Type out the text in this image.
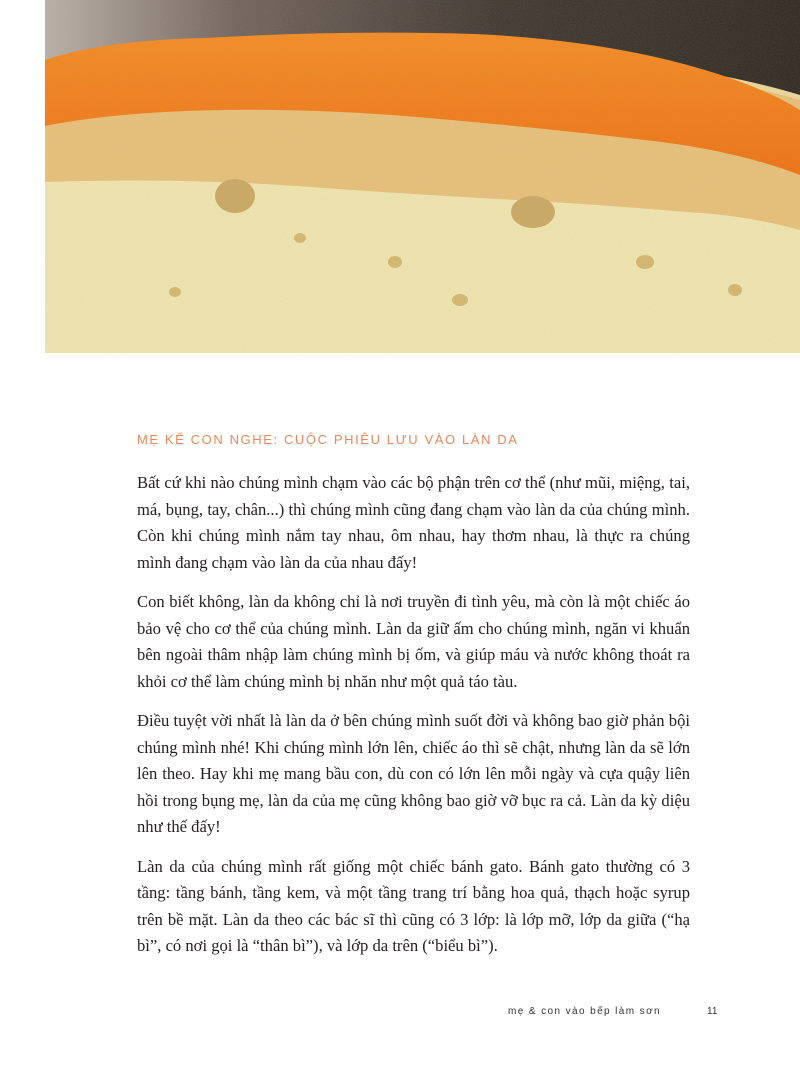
MẸ KỂ CON NGHE: CUỘC PHIÊU LƯU VÀO LÀN DA

Bất cứ khi nào chúng mình chạm vào các bộ phận trên cơ thể (như mũi, miệng, tai, má, bụng, tay, chân...) thì chúng mình cũng đang chạm vào làn da của chúng mình. Còn khi chúng mình nắm tay nhau, ôm nhau, hay thơm nhau, là thực ra chúng mình đang chạm vào làn da của nhau đấy!

Con biết không, làn da không chỉ là nơi truyền đi tình yêu, mà còn là một chiếc áo bảo vệ cho cơ thể của chúng mình. Làn da giữ ấm cho chúng mình, ngăn vi khuẩn bên ngoài thâm nhập làm chúng mình bị ốm, và giúp máu và nước không thoát ra khỏi cơ thể làm chúng mình bị nhăn như một quả táo tàu.

Điều tuyệt vời nhất là làn da ở bên chúng mình suốt đời và không bao giờ phản bội chúng mình nhé! Khi chúng mình lớn lên, chiếc áo thì sẽ chật, nhưng làn da sẽ lớn lên theo. Hay khi mẹ mang bầu con, dù con có lớn lên mỗi ngày và cựa quậy liên hồi trong bụng mẹ, làn da của mẹ cũng không bao giờ vỡ bục ra cả. Làn da kỳ diệu như thế đấy!

Làn da của chúng mình rất giống một chiếc bánh gato. Bánh gato thường có 3 tầng: tầng bánh, tầng kem, và một tầng trang trí bằng hoa quả, thạch hoặc syrup trên bề mặt. Làn da theo các bác sĩ thì cũng có 3 lớp: là lớp mỡ, lớp da giữa (“hạ bì”, có nơi gọi là “thân bì”), và lớp da trên (“biểu bì”).

mẹ & con vào bếp làm sơn	11
